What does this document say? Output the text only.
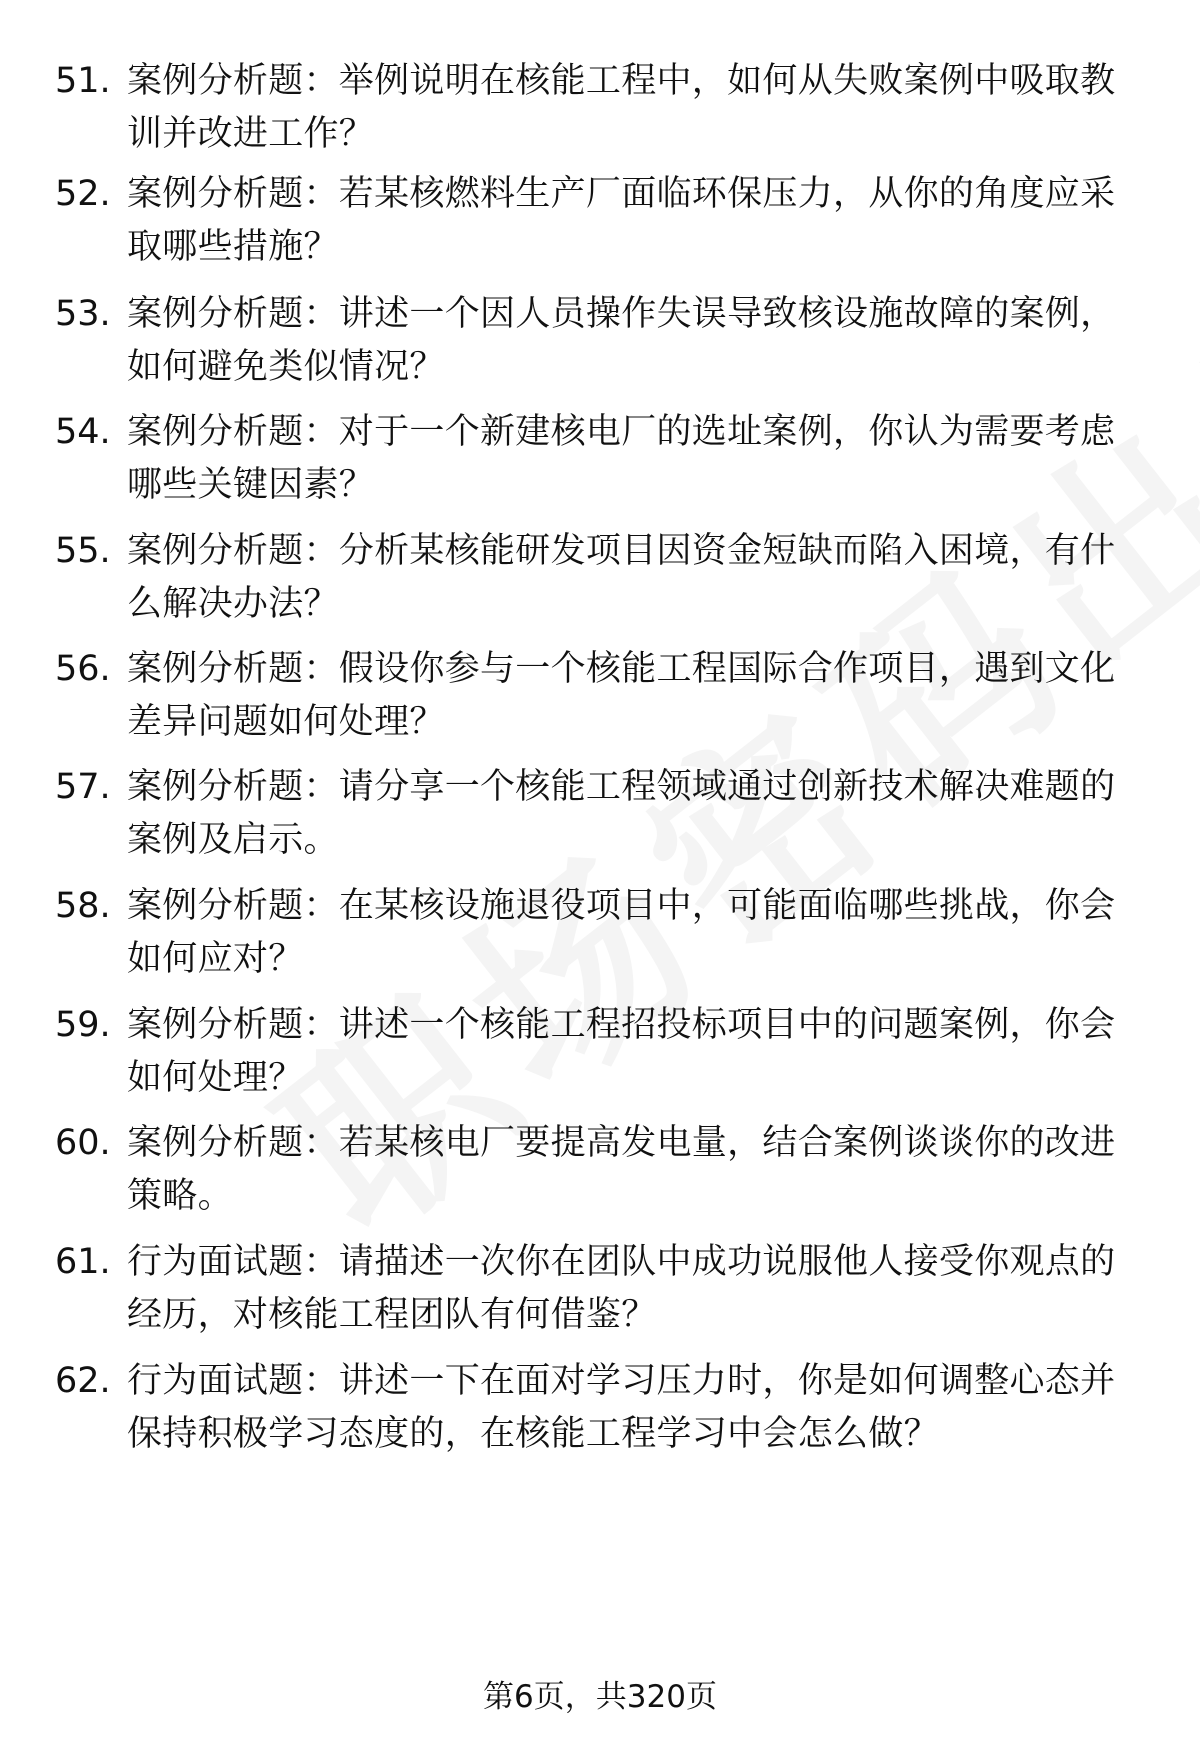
51. 案例分析题：举例说明在核能工程中，如何从失败案例中吸取教训并改进工作？
52. 案例分析题：若某核燃料生产厂面临环保压力，从你的角度应采取哪些措施？
53. 案例分析题：讲述一个因人员操作失误导致核设施故障的案例，如何避免类似情况？
54. 案例分析题：对于一个新建核电厂的选址案例，你认为需要考虑哪些关键因素？
55. 案例分析题：分析某核能研发项目因资金短缺而陷入困境，有什么解决办法？
56. 案例分析题：假设你参与一个核能工程国际合作项目，遇到文化差异问题如何处理？
57. 案例分析题：请分享一个核能工程领域通过创新技术解决难题的案例及启示。
58. 案例分析题：在某核设施退役项目中，可能面临哪些挑战，你会如何应对？
59. 案例分析题：讲述一个核能工程招投标项目中的问题案例，你会如何处理？
60. 案例分析题：若某核电厂要提高发电量，结合案例谈谈你的改进策略。
61. 行为面试题：请描述一次你在团队中成功说服他人接受你观点的经历，对核能工程团队有何借鉴？
62. 行为面试题：讲述一下在面对学习压力时，你是如何调整心态并保持积极学习态度的，在核能工程学习中会怎么做？
第6页，共320页
